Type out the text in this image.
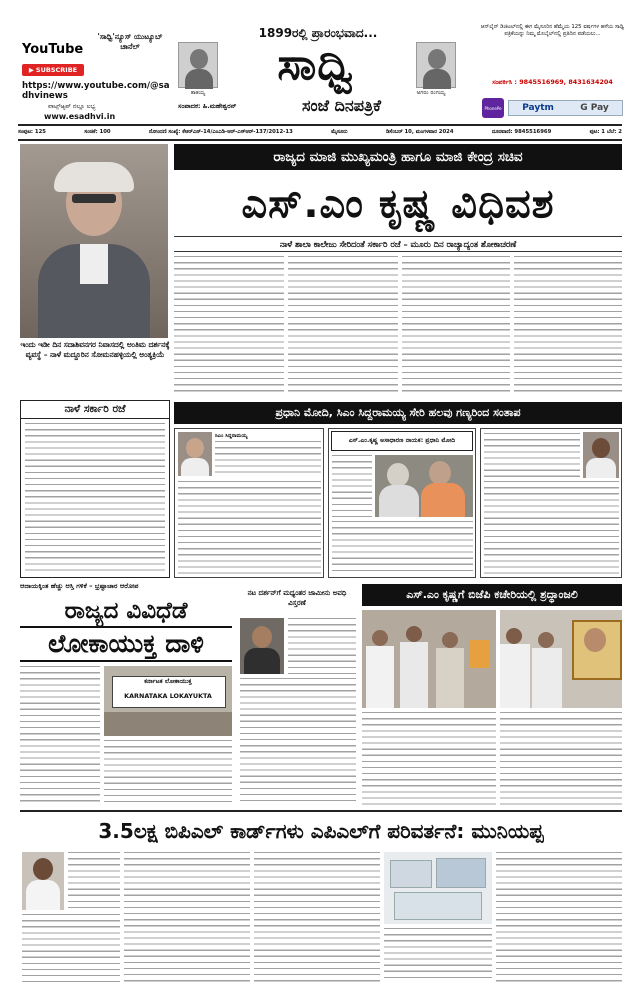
YouTube
▶ SUBSCRIBE
'ಸಾಧ್ವಿ'ನ್ಯೂಸ್ ಯುಟ್ಯೂಬ್ ಚಾನೆಲ್
https://www.youtube.com/@sadhvinews
ವಾಟ್ಸ್‌ಆ್ಯಪ್ ನಲ್ಲೂ ಲಭ್ಯ
www.esadhvi.in
1899ರಲ್ಲಿ ಪ್ರಾರಂಭವಾದ...
ತಾತಯ್ಯ
ಸಾಧ್ವಿ
ಅಗರಂ ರಂಗಯ್ಯ
ಸಂಪಾದಕ: ಹಿ.ಮಹೇಶ್ವರನ್	ಸಂಜೆ ದಿನಪತ್ರಿಕೆ
ಆನ್‌ಲೈನ್ ಡಿಜಿಟಲ್‌ನಲ್ಲಿ ಈಗ ಮೈಸೂರಿನ ಹೆಮ್ಮೆಯ 125 ವರ್ಷಗಳ ಹಳೆಯ ಸಾಧ್ವಿ ಪತ್ರಿಕೆಯನ್ನು ನಿಮ್ಮ ಮೊಬೈಲ್‌ನಲ್ಲಿ ಪ್ರತಿದಿನ ಪಡೆಯಲು...
ಸಂಪರ್ಕಿಸಿ : 9845516969, 8431634204
PhonePe Paytm	G Pay
ಸಂಪುಟ: 125	ಸಂಚಿಕೆ: 100	ನೋಂದಣಿ ಸಂಖ್ಯೆ: ಕೆಆರ್‌ಎನ್-14/ಎಂಎಡಿ-ಆರ್-ಎಸ್‌ಆರ್-137/2012-13	ಮೈಸೂರು	ಡಿಸೆಂಬರ್ 10, ಮಂಗಳವಾರ 2024	ದೂರವಾಣಿ: 9845516969	ಪುಟ: 1 ಬೆಲೆ: 2
ಇಂದು ಇಡೀ ದಿನ ಸದಾಶಿವನಗರ ನಿವಾಸದಲ್ಲಿ ಅಂತಿಮ ದರ್ಶನಕ್ಕೆ ವ್ಯವಸ್ಥೆ – ನಾಳೆ ಮದ್ದೂರಿನ ಸೋಮನಹಳ್ಳಿಯಲ್ಲಿ ಅಂತ್ಯಕ್ರಿಯೆ
ರಾಜ್ಯದ ಮಾಜಿ ಮುಖ್ಯಮಂತ್ರಿ ಹಾಗೂ ಮಾಜಿ ಕೇಂದ್ರ ಸಚಿವ
ಎಸ್.ಎಂ ಕೃಷ್ಣ ವಿಧಿವಶ
ನಾಳೆ ಶಾಲಾ ಕಾಲೇಜು ಸೇರಿದಂತೆ ಸರ್ಕಾರಿ ರಜೆ – ಮೂರು ದಿನ ರಾಜ್ಯಾದ್ಯಂತ ಶೋಕಾಚರಣೆ
ನಾಳೆ ಸರ್ಕಾರಿ ರಜೆ	ಪ್ರಧಾನಿ ಮೋದಿ, ಸಿಎಂ ಸಿದ್ದರಾಮಯ್ಯ ಸೇರಿ ಹಲವು ಗಣ್ಯರಿಂದ ಸಂತಾಪ
ಸಿಎಂ ಸಿದ್ದರಾಮಯ್ಯ
ಎಸ್.ಎಂ.ಕೃಷ್ಣ ಅಸಾಧಾರಣ ನಾಯಕ: ಪ್ರಧಾನಿ ಮೋದಿ
ಆದಾಯಕ್ಕಿಂತ ಹೆಚ್ಚು ಆಸ್ತಿ ಗಳಿಕೆ – ಭ್ರಷ್ಟಾಚಾರ ಆರೋಪ
ರಾಜ್ಯದ ವಿವಿಧೆಡೆ
ಲೋಕಾಯುಕ್ತ ದಾಳಿ
ಕರ್ನಾಟಕ ಲೋಕಾಯುಕ್ತ
KARNATAKA LOKAYUKTA
ನಟ ದರ್ಶನ್‌ಗೆ ಮಧ್ಯಂತರ ಜಾಮೀನು ಅವಧಿ ವಿಸ್ತರಣೆ
ಎಸ್.ಎಂ ಕೃಷ್ಣಗೆ ಬಿಜೆಪಿ ಕಚೇರಿಯಲ್ಲಿ ಶ್ರದ್ಧಾಂಜಲಿ
3.5ಲಕ್ಷ ಬಿಪಿಎಲ್ ಕಾರ್ಡ್‌ಗಳು ಎಪಿಎಲ್‌ಗೆ ಪರಿವರ್ತನೆ: ಮುನಿಯಪ್ಪ
